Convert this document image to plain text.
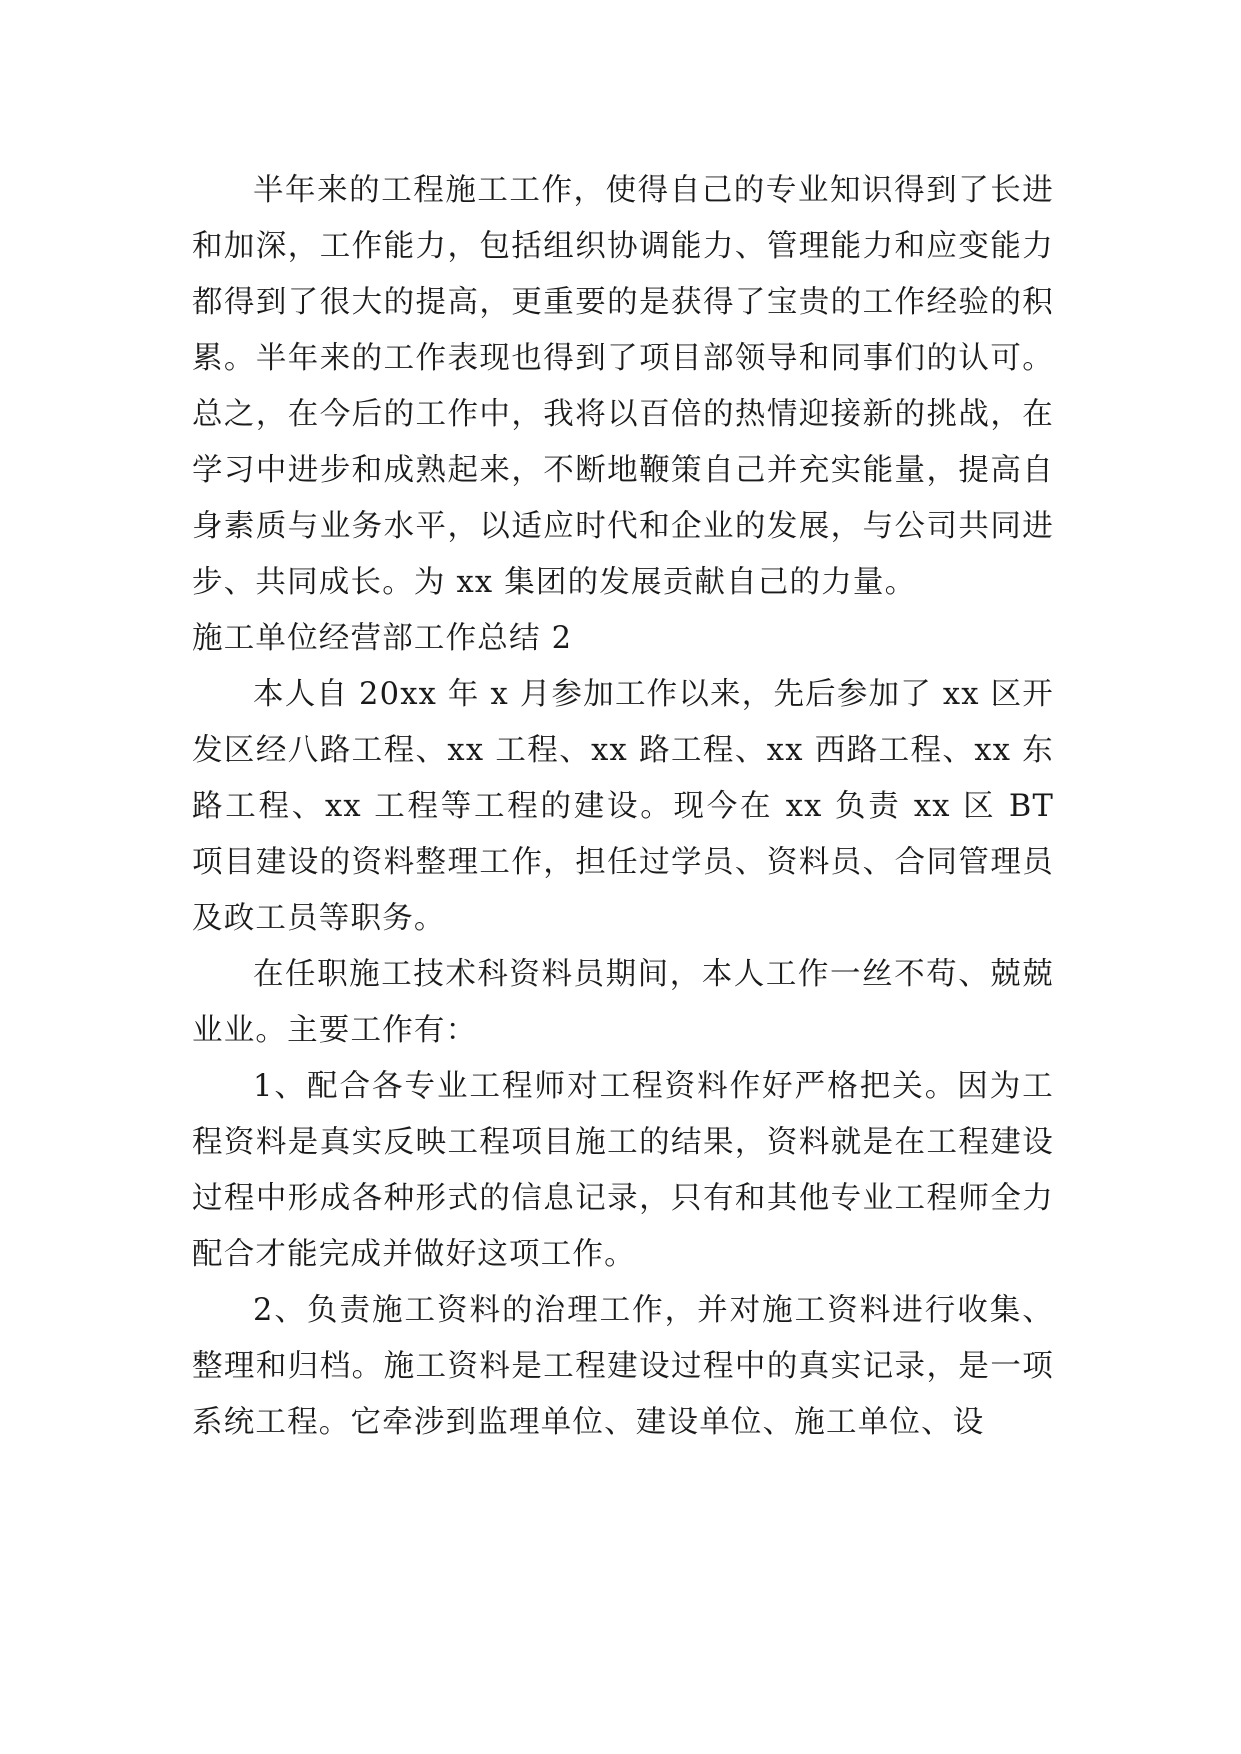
半年来的工程施工工作，使得自己的专业知识得到了长进和加深，工作能力，包括组织协调能力、管理能力和应变能力都得到了很大的提高，更重要的是获得了宝贵的工作经验的积累。半年来的工作表现也得到了项目部领导和同事们的认可。总之，在今后的工作中，我将以百倍的热情迎接新的挑战，在学习中进步和成熟起来，不断地鞭策自己并充实能量，提高自身素质与业务水平，以适应时代和企业的发展，与公司共同进步、共同成长。为 xx 集团的发展贡献自己的力量。

施工单位经营部工作总结 2

本人自 20xx 年 x 月参加工作以来，先后参加了 xx 区开发区经八路工程、xx 工程、xx 路工程、xx 西路工程、xx 东路工程、xx 工程等工程的建设。现今在 xx 负责 xx 区 BT 项目建设的资料整理工作，担任过学员、资料员、合同管理员及政工员等职务。

在任职施工技术科资料员期间，本人工作一丝不苟、兢兢业业。主要工作有：

1、配合各专业工程师对工程资料作好严格把关。因为工程资料是真实反映工程项目施工的结果，资料就是在工程建设过程中形成各种形式的信息记录，只有和其他专业工程师全力配合才能完成并做好这项工作。

2、负责施工资料的治理工作，并对施工资料进行收集、整理和归档。施工资料是工程建设过程中的真实记录，是一项系统工程。它牵涉到监理单位、建设单位、施工单位、设
